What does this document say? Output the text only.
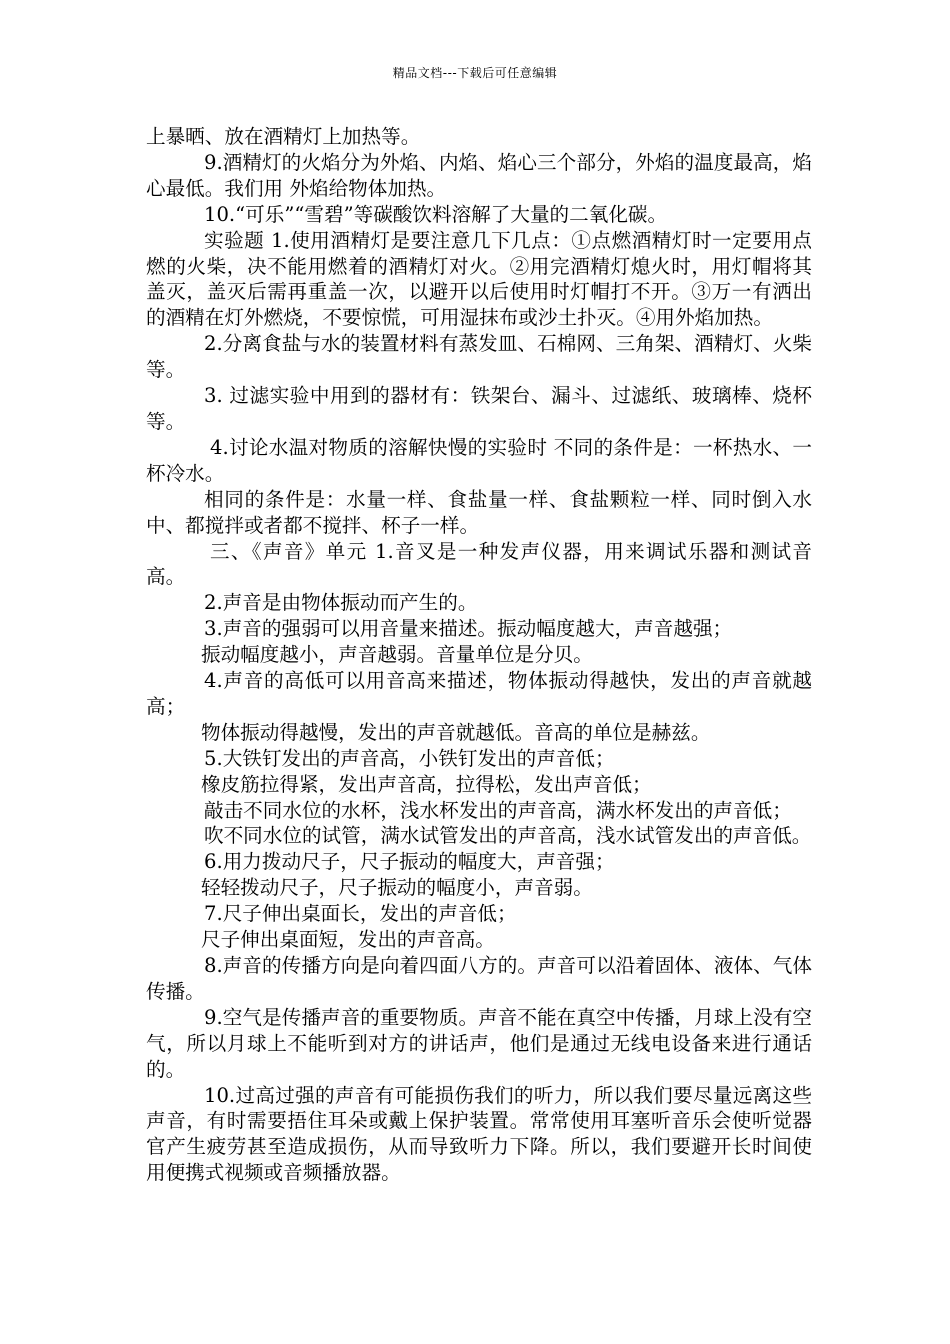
精品文档---下载后可任意编辑

上暴晒、放在酒精灯上加热等。

9.酒精灯的火焰分为外焰、内焰、焰心三个部分，外焰的温度最高，焰心最低。我们用 外焰给物体加热。

10.“可乐”“雪碧”等碳酸饮料溶解了大量的二氧化碳。

实验题 1.使用酒精灯是要注意几下几点：①点燃酒精灯时一定要用点燃的火柴，决不能用燃着的酒精灯对火。②用完酒精灯熄火时，用灯帽将其盖灭，盖灭后需再重盖一次，以避开以后使用时灯帽打不开。③万一有洒出的酒精在灯外燃烧，不要惊慌，可用湿抹布或沙土扑灭。④用外焰加热。

2.分离食盐与水的装置材料有蒸发皿、石棉网、三角架、酒精灯、火柴等。

3. 过滤实验中用到的器材有：铁架台、漏斗、过滤纸、玻璃棒、烧杯等。

4.讨论水温对物质的溶解快慢的实验时 不同的条件是：一杯热水、一杯冷水。

相同的条件是：水量一样、食盐量一样、食盐颗粒一样、同时倒入水中、都搅拌或者都不搅拌、杯子一样。

三、《声音》单元 1.音叉是一种发声仪器，用来调试乐器和测试音高。

2.声音是由物体振动而产生的。

3.声音的强弱可以用音量来描述。振动幅度越大，声音越强；

振动幅度越小，声音越弱。音量单位是分贝。

4.声音的高低可以用音高来描述，物体振动得越快，发出的声音就越高；

物体振动得越慢，发出的声音就越低。音高的单位是赫兹。

5.大铁钉发出的声音高，小铁钉发出的声音低；

橡皮筋拉得紧，发出声音高，拉得松，发出声音低；

敲击不同水位的水杯，浅水杯发出的声音高，满水杯发出的声音低；

吹不同水位的试管，满水试管发出的声音高，浅水试管发出的声音低。

6.用力拨动尺子，尺子振动的幅度大，声音强；

轻轻拨动尺子，尺子振动的幅度小，声音弱。

7.尺子伸出桌面长，发出的声音低；

尺子伸出桌面短，发出的声音高。

8.声音的传播方向是向着四面八方的。声音可以沿着固体、液体、气体传播。

9.空气是传播声音的重要物质。声音不能在真空中传播，月球上没有空气，所以月球上不能听到对方的讲话声，他们是通过无线电设备来进行通话的。

10.过高过强的声音有可能损伤我们的听力，所以我们要尽量远离这些声音，有时需要捂住耳朵或戴上保护装置。常常使用耳塞听音乐会使听觉器官产生疲劳甚至造成损伤，从而导致听力下降。所以，我们要避开长时间使用便携式视频或音频播放器。
